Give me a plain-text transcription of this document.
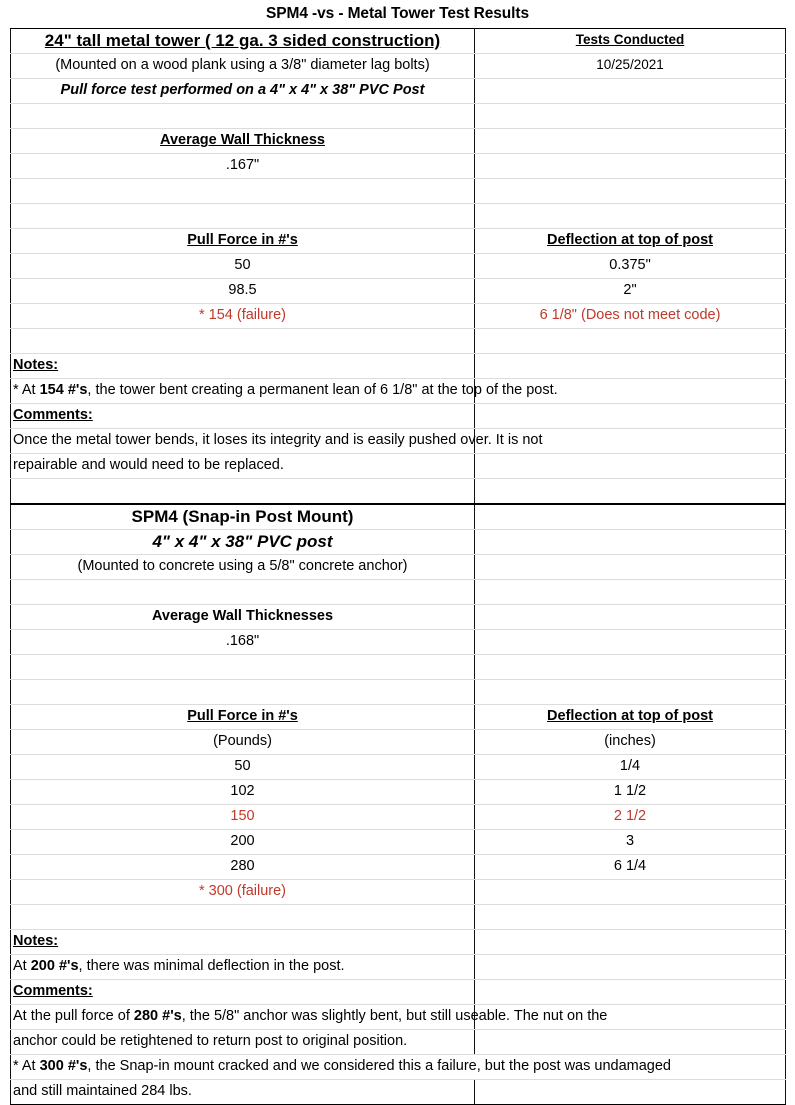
SPM4 -vs - Metal Tower Test Results
24" tall metal tower ( 12 ga. 3 sided construction)	Tests Conducted
(Mounted on a wood plank using a 3/8" diameter lag bolts)	10/25/2021
Pull force test performed on a 4" x 4" x 38" PVC Post	

Average Wall Thickness	
.167"	

Pull Force in #'s	Deflection at top of post
50	0.375"
98.5	2"
* 154 (failure)	6 1/8" (Does not meet code)

Notes:	
* At 154 #'s, the tower bent creating a permanent lean of 6 1/8" at the top of the post.	
Comments:	
Once the metal tower bends, it loses its integrity and is easily pushed over. It is not	
repairable and would need to be replaced.	

SPM4 (Snap-in Post Mount)	
4" x 4" x 38" PVC post	
(Mounted to concrete using a 5/8" concrete anchor)	

Average Wall Thicknesses	
.168"	

Pull Force in #'s	Deflection at top of post
(Pounds)	(inches)
50	1/4
102	1 1/2
150	2 1/2
200	3
280	6 1/4
* 300 (failure)	

Notes:	
At 200 #'s, there was minimal deflection in the post.	
Comments:	
At the pull force of 280 #'s, the 5/8" anchor was slightly bent, but still useable. The nut on the	
anchor could be retightened to return post to original position.	
* At 300 #'s, the Snap-in mount cracked and we considered this a failure, but the post was undamaged	
and still maintained 284 lbs.	
